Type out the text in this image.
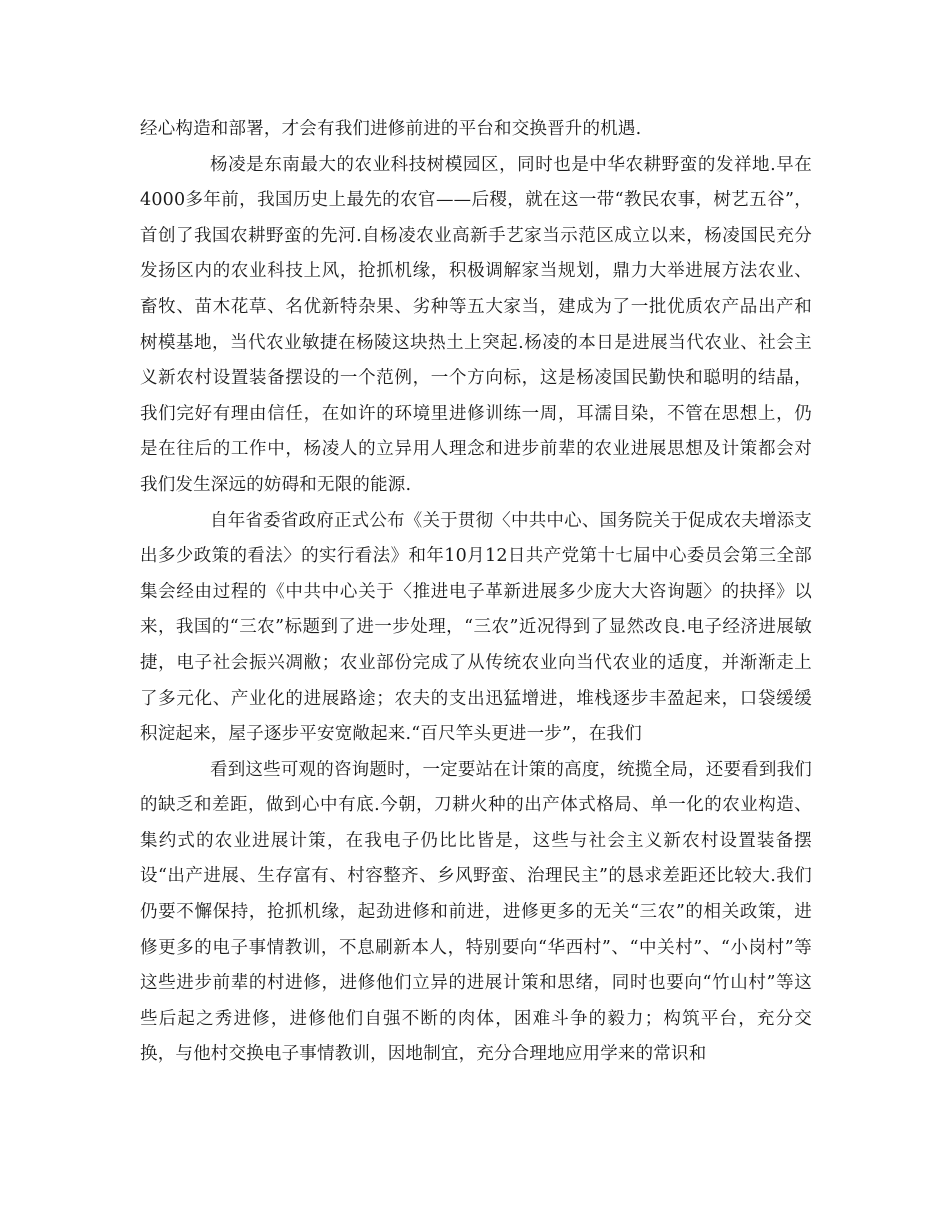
经心构造和部署，才会有我们进修前进的平台和交换晋升的机遇.

杨凌是东南最大的农业科技树模园区，同时也是中华农耕野蛮的发祥地.早在4000多年前，我国历史上最先的农官——后稷，就在这一带“教民农事，树艺五谷”，首创了我国农耕野蛮的先河.自杨凌农业高新手艺家当示范区成立以来，杨凌国民充分发扬区内的农业科技上风，抢抓机缘，积极调解家当规划，鼎力大举进展方法农业、畜牧、苗木花草、名优新特杂果、劣种等五大家当，建成为了一批优质农产品出产和树模基地，当代农业敏捷在杨陵这块热土上突起.杨凌的本日是进展当代农业、社会主义新农村设置装备摆设的一个范例，一个方向标，这是杨凌国民勤快和聪明的结晶，我们完好有理由信任，在如许的环境里进修训练一周，耳濡目染，不管在思想上，仍是在往后的工作中，杨凌人的立异用人理念和进步前辈的农业进展思想及计策都会对我们发生深远的妨碍和无限的能源.

自年省委省政府正式公布《关于贯彻〈中共中心、国务院关于促成农夫增添支出多少政策的看法〉的实行看法》和年10月12日共产党第十七届中心委员会第三全部集会经由过程的《中共中心关于〈推进电子革新进展多少庞大大咨询题〉的抉择》以来，我国的“三农”标题到了进一步处理，“三农”近况得到了显然改良.电子经济进展敏捷，电子社会振兴凋敝；农业部份完成了从传统农业向当代农业的适度，并渐渐走上了多元化、产业化的进展路途；农夫的支出迅猛增进，堆栈逐步丰盈起来，口袋缓缓积淀起来，屋子逐步平安宽敞起来.“百尺竿头更进一步”，在我们

看到这些可观的咨询题时，一定要站在计策的高度，统揽全局，还要看到我们的缺乏和差距，做到心中有底.今朝，刀耕火种的出产体式格局、单一化的农业构造、集约式的农业进展计策，在我电子仍比比皆是，这些与社会主义新农村设置装备摆设“出产进展、生存富有、村容整齐、乡风野蛮、治理民主”的恳求差距还比较大.我们仍要不懈保持，抢抓机缘，起劲进修和前进，进修更多的无关“三农”的相关政策，进修更多的电子事情教训，不息刷新本人，特别要向“华西村”、“中关村”、“小岗村”等这些进步前辈的村进修，进修他们立异的进展计策和思绪，同时也要向“竹山村”等这些后起之秀进修，进修他们自强不断的肉体，困难斗争的毅力；构筑平台，充分交换，与他村交换电子事情教训，因地制宜，充分合理地应用学来的常识和
